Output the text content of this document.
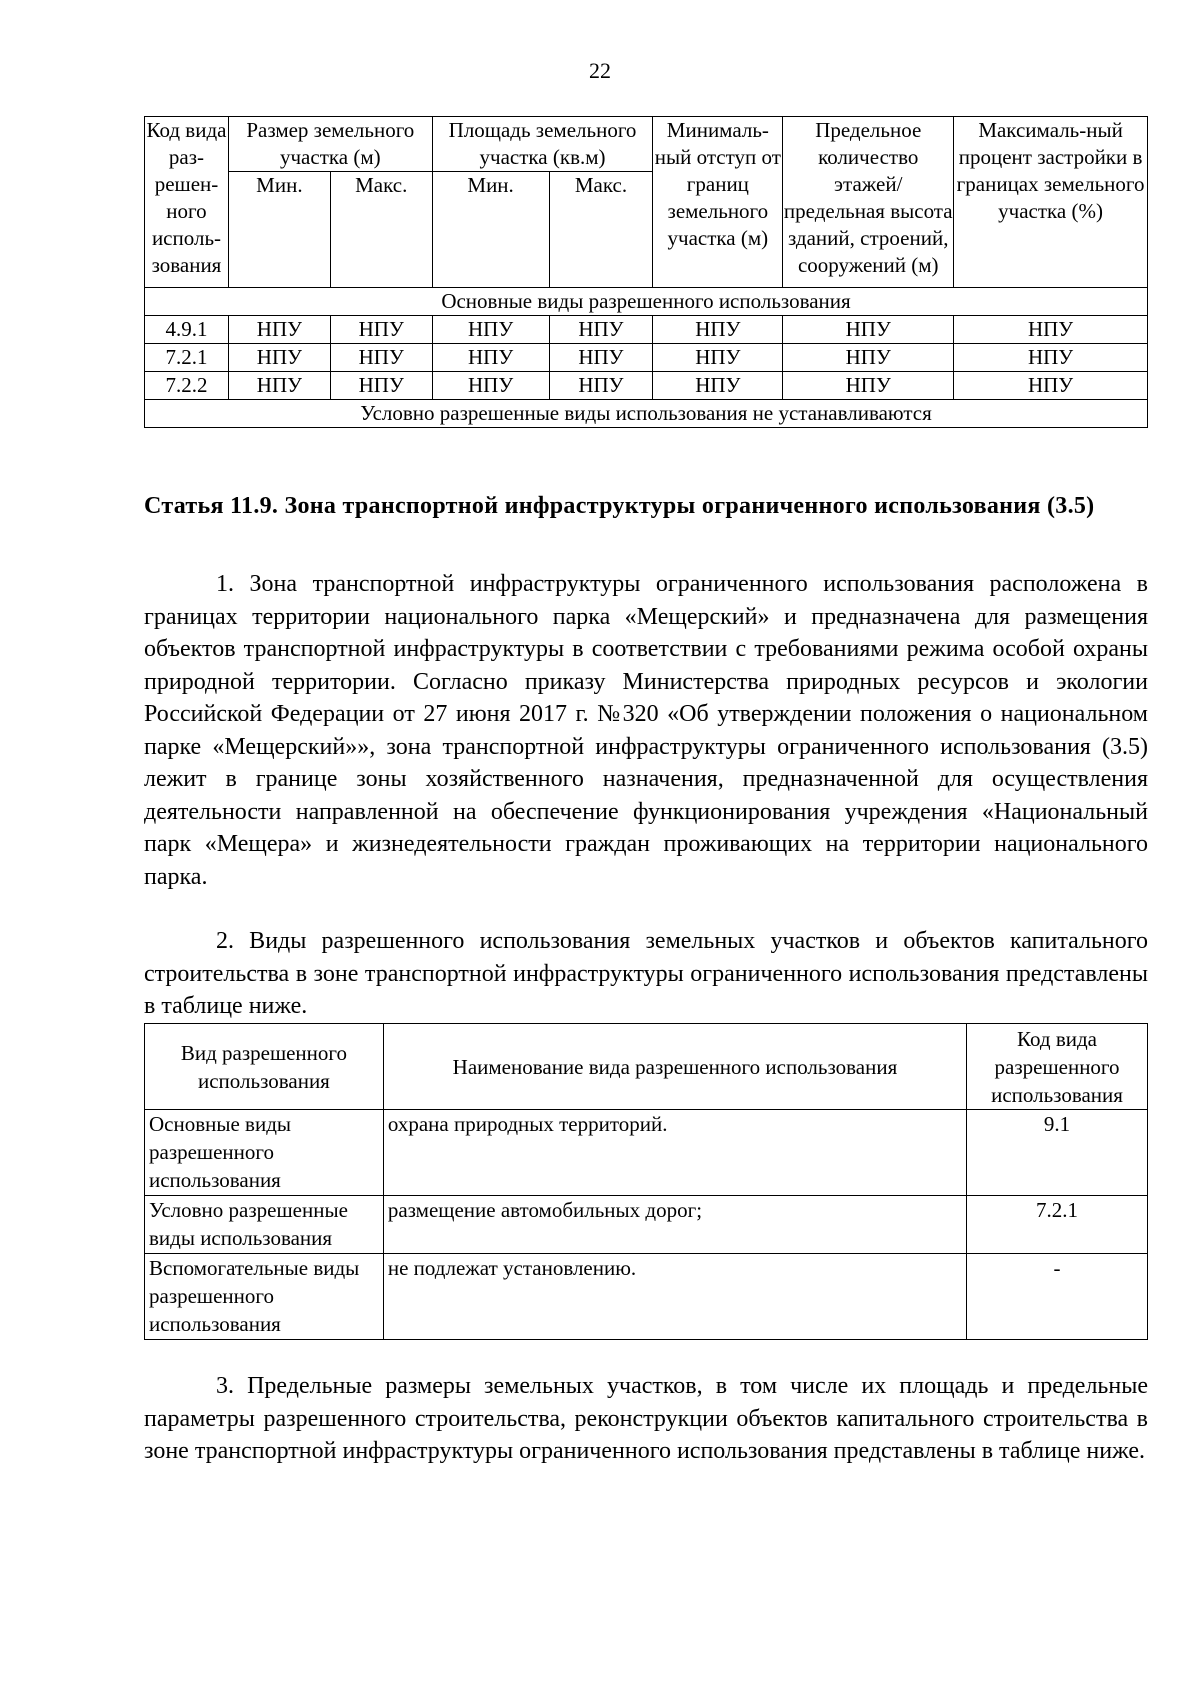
22
Код вида раз-решен-ного исполь-зования	Размер земельного участка (м)		Площадь земельного участка (кв.м)		Минималь-ный отступ от границ земельного участка (м)	Предельное количество этажей/ предельная высота зданий, строений, сооружений (м)	Максималь-ный процент застройки в границах земельного участка (%)
	Мин.	Макс.	Мин.	Макс.			
Основные виды разрешенного использования							
4.9.1	НПУ	НПУ	НПУ	НПУ	НПУ	НПУ	НПУ
7.2.1	НПУ	НПУ	НПУ	НПУ	НПУ	НПУ	НПУ
7.2.2	НПУ	НПУ	НПУ	НПУ	НПУ	НПУ	НПУ
Условно разрешенные виды использования не устанавливаются							
Статья 11.9. Зона транспортной инфраструктуры ограниченного использования (3.5)
1. Зона транспортной инфраструктуры ограниченного использования расположена в границах территории национального парка «Мещерский» и предназначена для размещения объектов транспортной инфраструктуры в соответствии с требованиями режима особой охраны природной территории. Согласно приказу Министерства природных ресурсов и экологии Российской Федерации от 27 июня 2017 г. №320 «Об утверждении положения о национальном парке «Мещерский»», зона транспортной инфраструктуры ограниченного использования (3.5) лежит в границе зоны хозяйственного назначения, предназначенной для осуществления деятельности направленной на обеспечение функционирования учреждения «Национальный парк «Мещера» и жизнедеятельности граждан проживающих на территории национального парка.
2. Виды разрешенного использования земельных участков и объектов капитального строительства в зоне транспортной инфраструктуры ограниченного использования представлены в таблице ниже.
Вид разрешенного использования	Наименование вида разрешенного использования	Код вида разрешенного использования
Основные виды разрешенного использования	охрана природных территорий.	9.1
Условно разрешенные виды использования	размещение автомобильных дорог;	7.2.1
Вспомогательные виды разрешенного использования	не подлежат установлению.	-
3. Предельные размеры земельных участков, в том числе их площадь и предельные параметры разрешенного строительства, реконструкции объектов капитального строительства в зоне транспортной инфраструктуры ограниченного использования представлены в таблице ниже.
